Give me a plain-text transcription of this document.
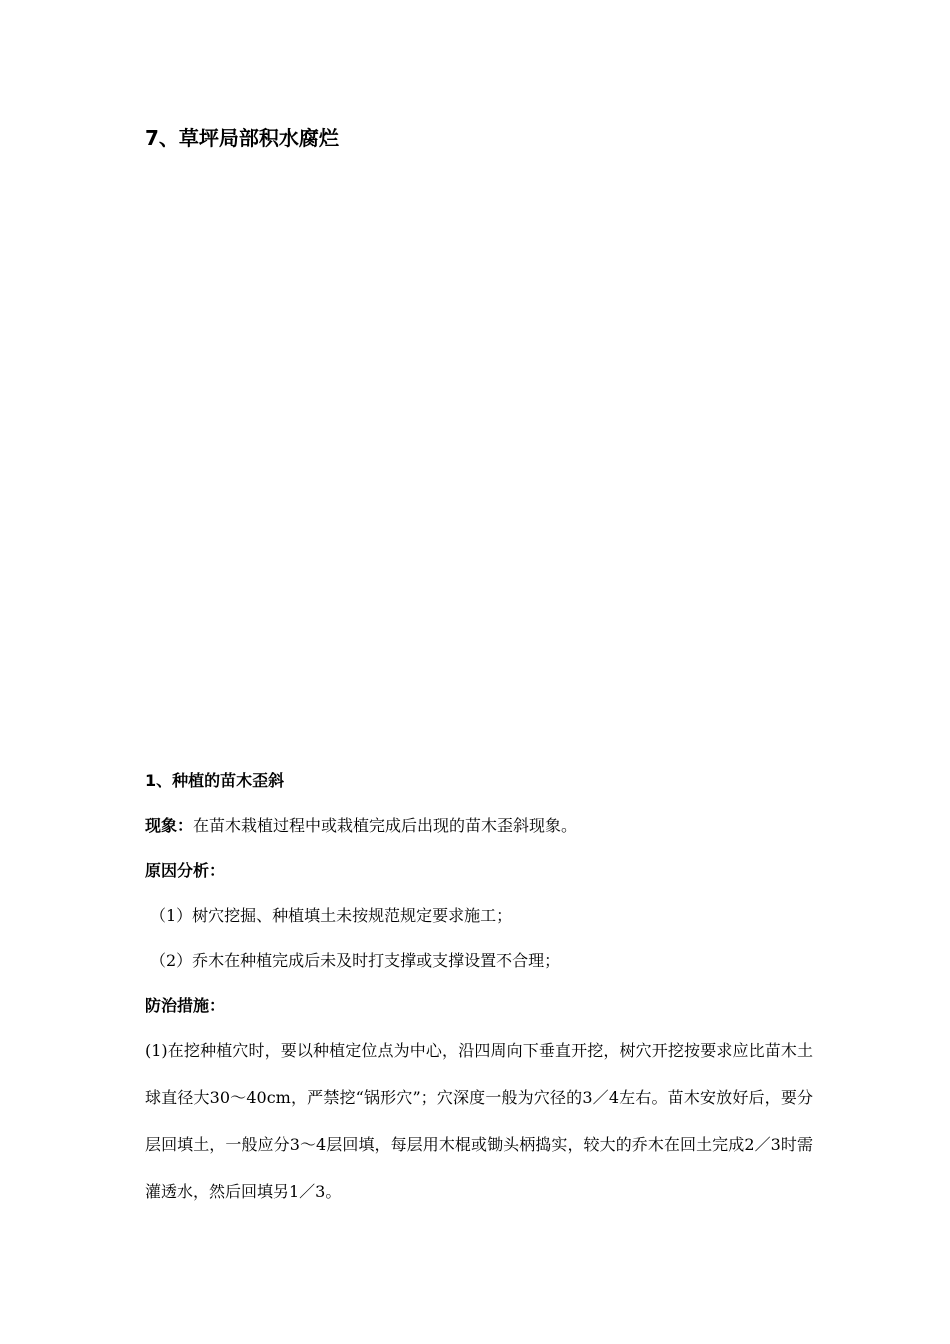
7、草坪局部积水腐烂
1、种植的苗木歪斜
现象：在苗木栽植过程中或栽植完成后出现的苗木歪斜现象。
原因分析：
（1）树穴挖掘、种植填土未按规范规定要求施工；
（2）乔木在种植完成后未及时打支撑或支撑设置不合理；
防治措施：
(1)在挖种植穴时，要以种植定位点为中心，沿四周向下垂直开挖，树穴开挖按要求应比苗木土球直径大30～40cm，严禁挖“锅形穴”；穴深度一般为穴径的3／4左右。苗木安放好后，要分层回填土，一般应分3～4层回填，每层用木棍或锄头柄捣实，较大的乔木在回土完成2／3时需灌透水，然后回填另1／3。
